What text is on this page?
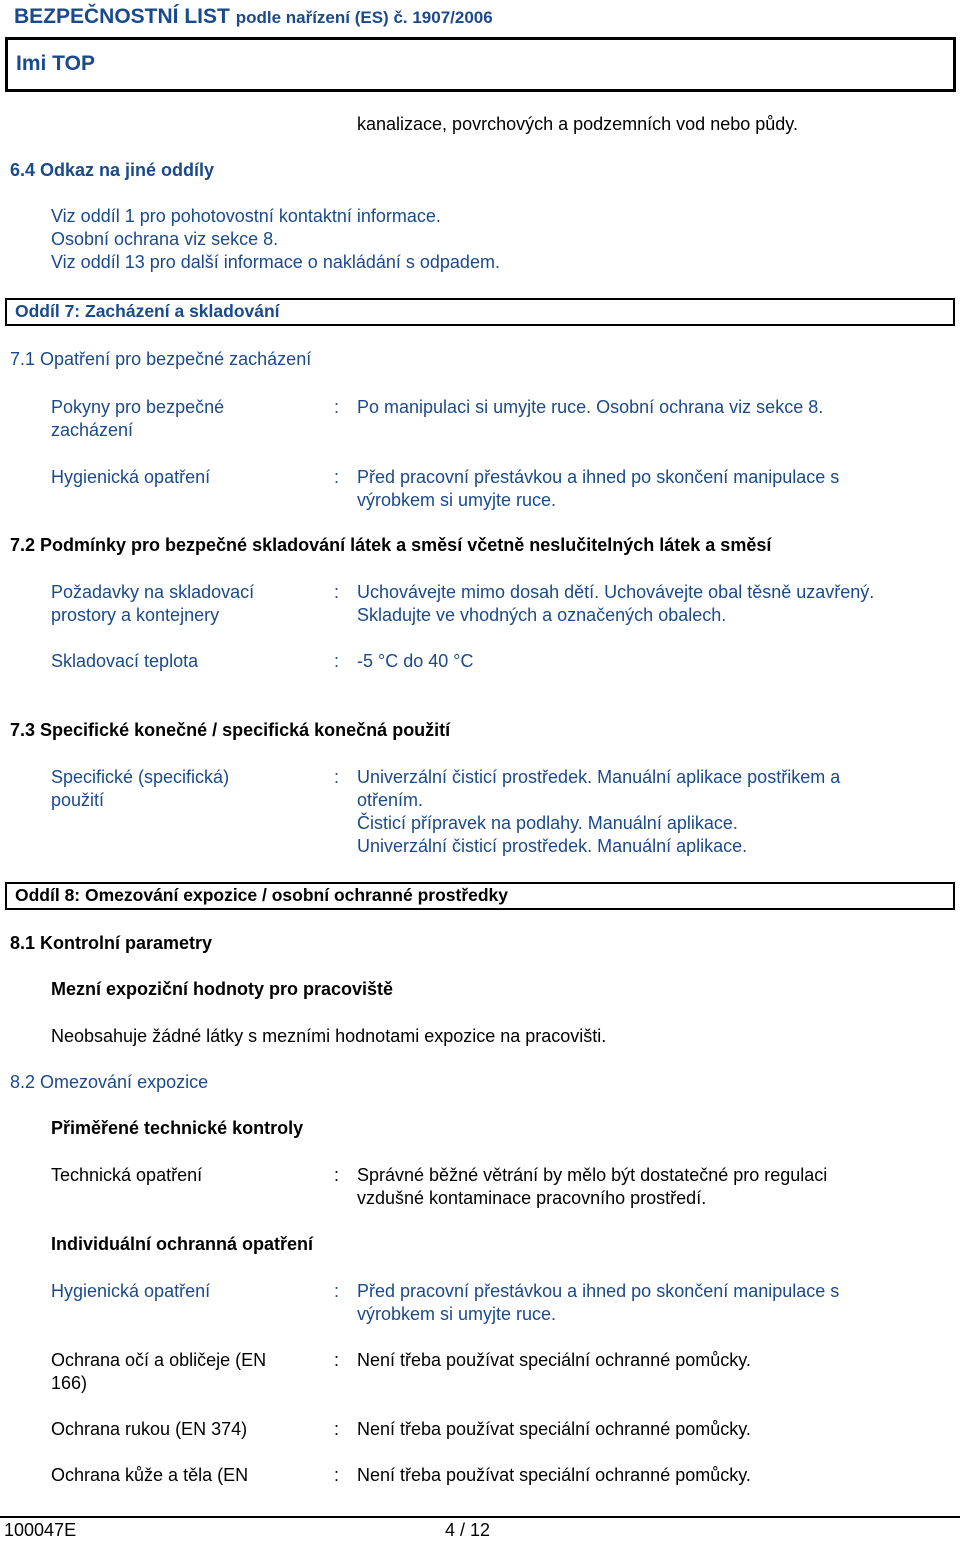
BEZPEČNOSTNÍ LIST podle nařízení (ES) č. 1907/2006
Imi TOP
kanalizace, povrchových a podzemních vod nebo půdy.
6.4 Odkaz na jiné oddíly
Viz oddíl 1 pro pohotovostní kontaktní informace.
Osobní ochrana viz sekce 8.
Viz oddíl 13 pro další informace o nakládání s odpadem.
Oddíl 7: Zacházení a skladování
7.1 Opatření pro bezpečné zacházení
Pokyny pro bezpečné
zacházení
: Po manipulaci si umyjte ruce. Osobní ochrana viz sekce 8.
Hygienická opatření	: Před pracovní přestávkou a ihned po skončení manipulace s
výrobkem si umyjte ruce.
7.2 Podmínky pro bezpečné skladování látek a směsí včetně neslučitelných látek a směsí
Požadavky na skladovací
prostory a kontejnery
: Uchovávejte mimo dosah dětí. Uchovávejte obal těsně uzavřený.
Skladujte ve vhodných a označených obalech.
Skladovací teplota	: -5 °C do 40 °C
7.3 Specifické konečné / specifická konečná použití
Specifické (specifická)
použití
: Univerzální čisticí prostředek. Manuální aplikace postřikem a
otřením.
Čisticí přípravek na podlahy. Manuální aplikace.
Univerzální čisticí prostředek. Manuální aplikace.
Oddíl 8: Omezování expozice / osobní ochranné prostředky
8.1 Kontrolní parametry
Mezní expoziční hodnoty pro pracoviště
Neobsahuje žádné látky s mezními hodnotami expozice na pracovišti.
8.2 Omezování expozice
Přiměřené technické kontroly
Technická opatření	: Správné běžné větrání by mělo být dostatečné pro regulaci
vzdušné kontaminace pracovního prostředí.
Individuální ochranná opatření
Hygienická opatření	: Před pracovní přestávkou a ihned po skončení manipulace s
výrobkem si umyjte ruce.
Ochrana očí a obličeje (EN
166)
: Není třeba používat speciální ochranné pomůcky.
Ochrana rukou (EN 374)	: Není třeba používat speciální ochranné pomůcky.
Ochrana kůže a těla (EN	: Není třeba používat speciální ochranné pomůcky.
100047E	4 / 12
